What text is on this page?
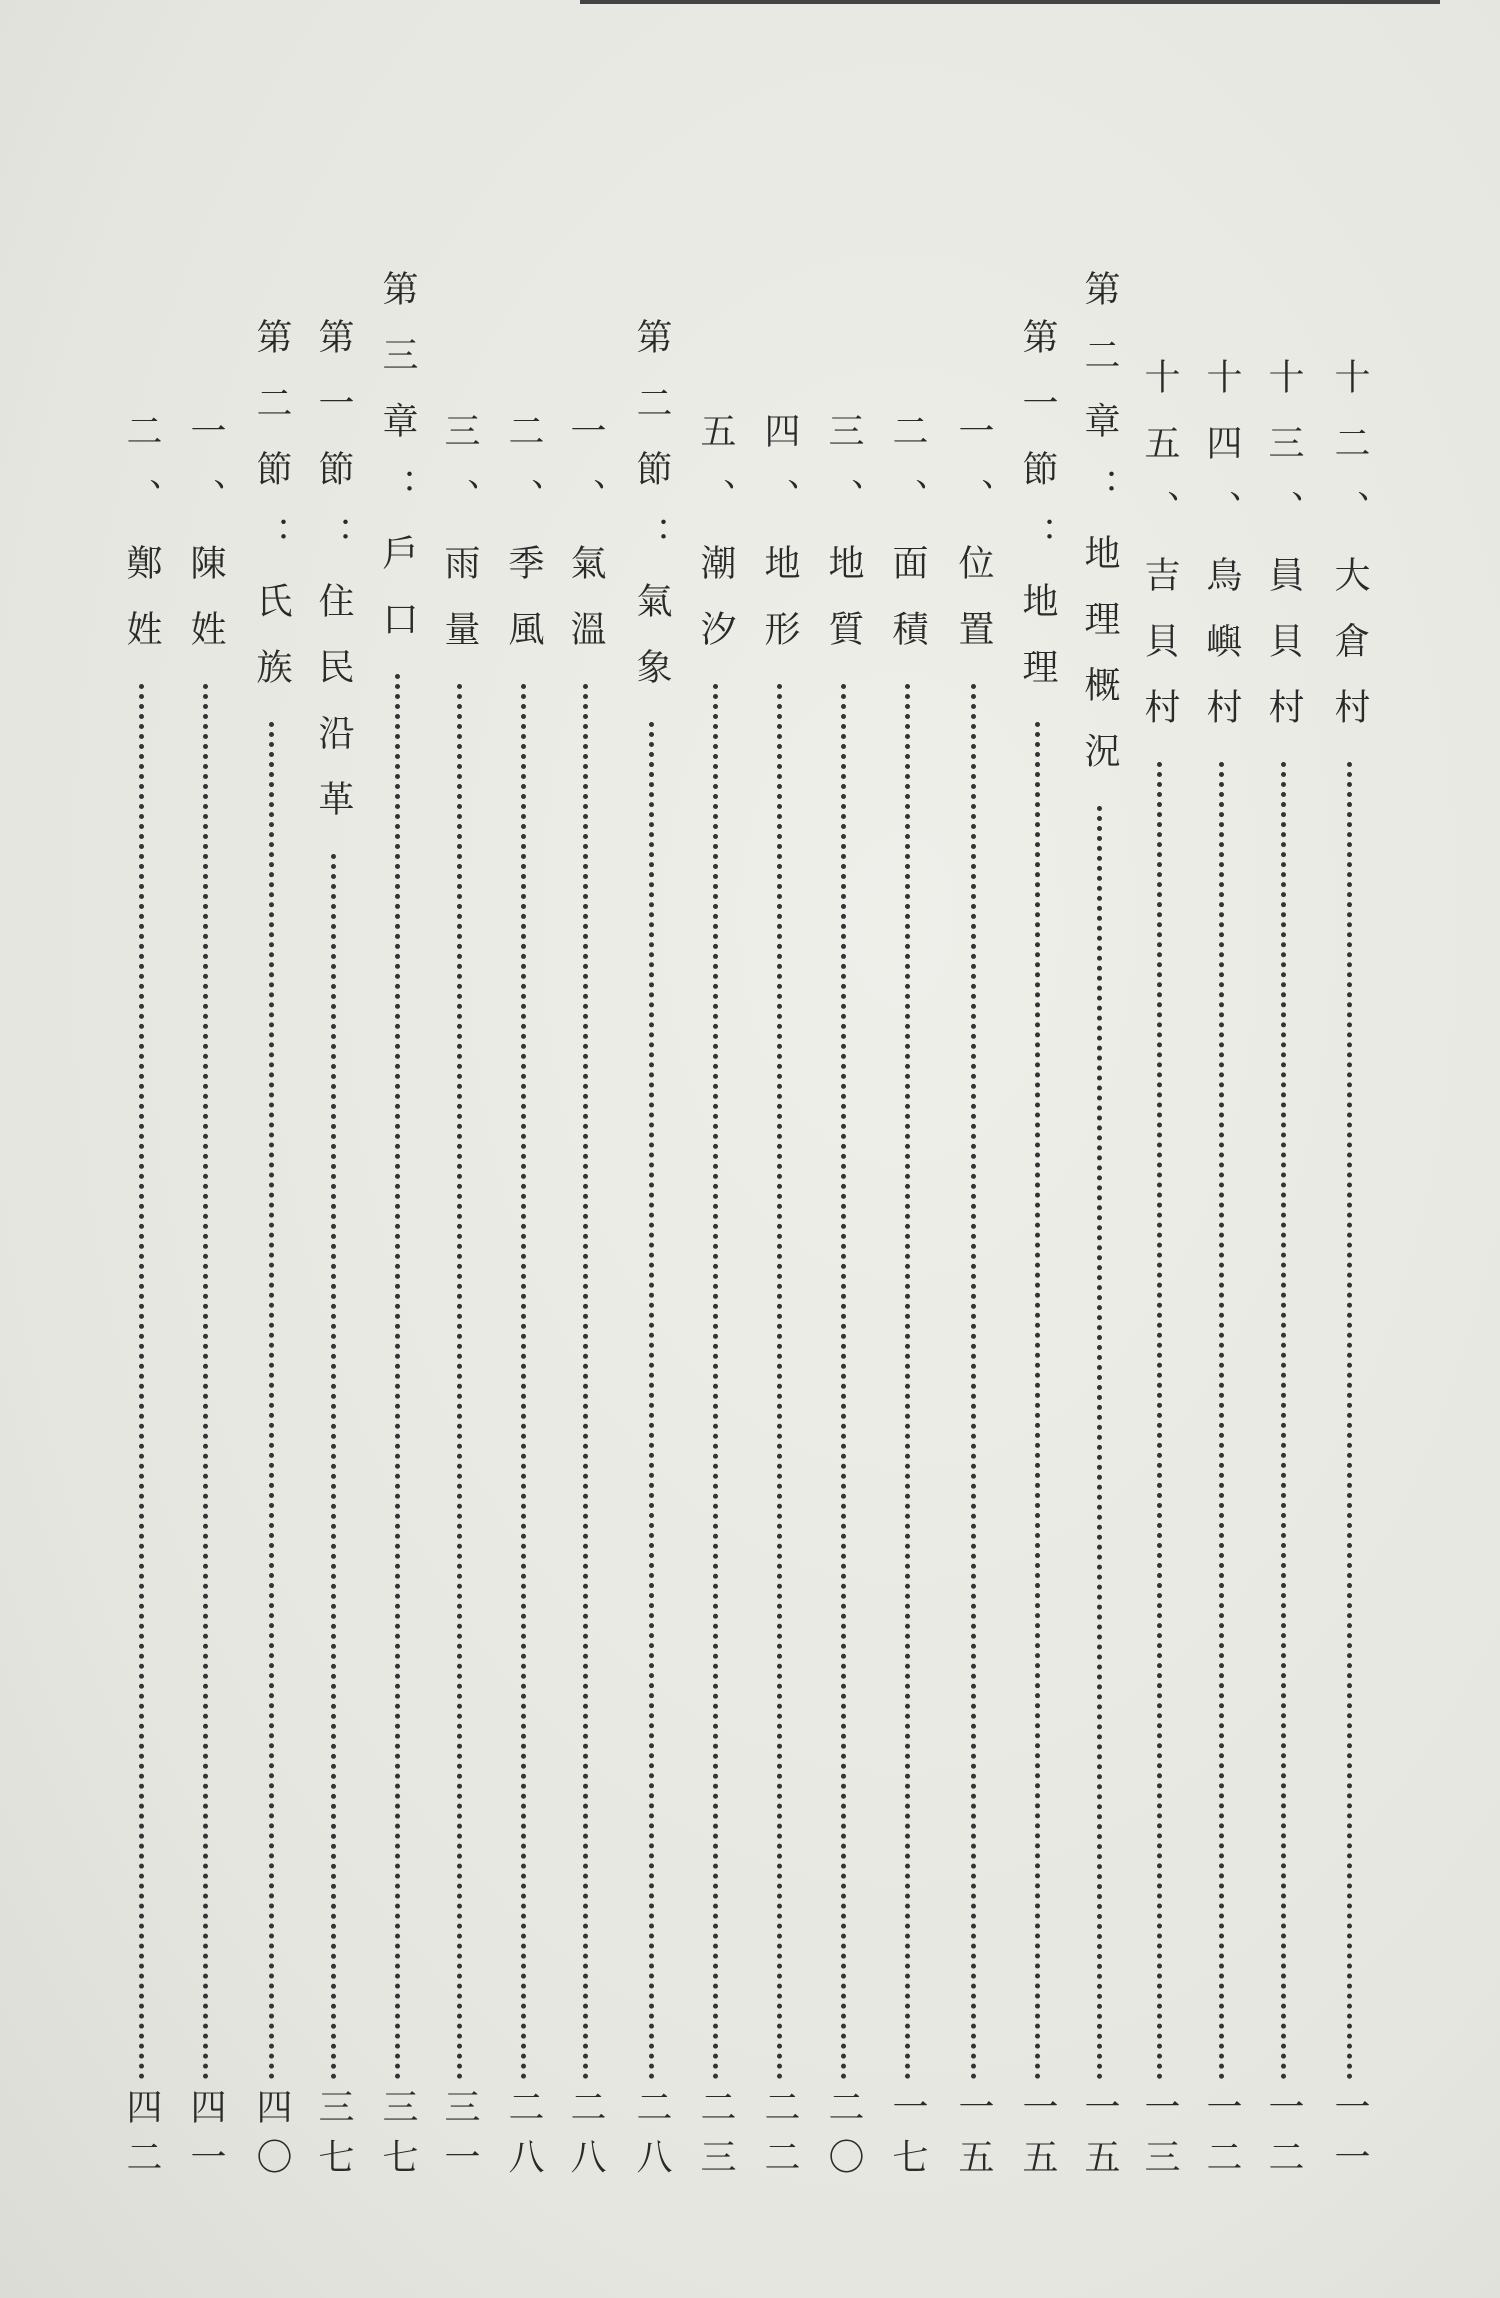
十二、大倉村
一一
十三、員貝村
一二
十四、鳥嶼村
一二
十五、吉貝村
一三
第二章：地理概況
一五
第一節：地理
一五
一、位置
一五
二、面積
一七
三、地質
二〇
四、地形
二二
五、潮汐
二三
第二節：氣象
二八
一、氣溫
二八
二、季風
二八
三、雨量
三一
第三章：戶口
三七
第一節：住民沿革
三七
第二節：氏族
四〇
一、陳姓
四一
二、鄭姓
四二
